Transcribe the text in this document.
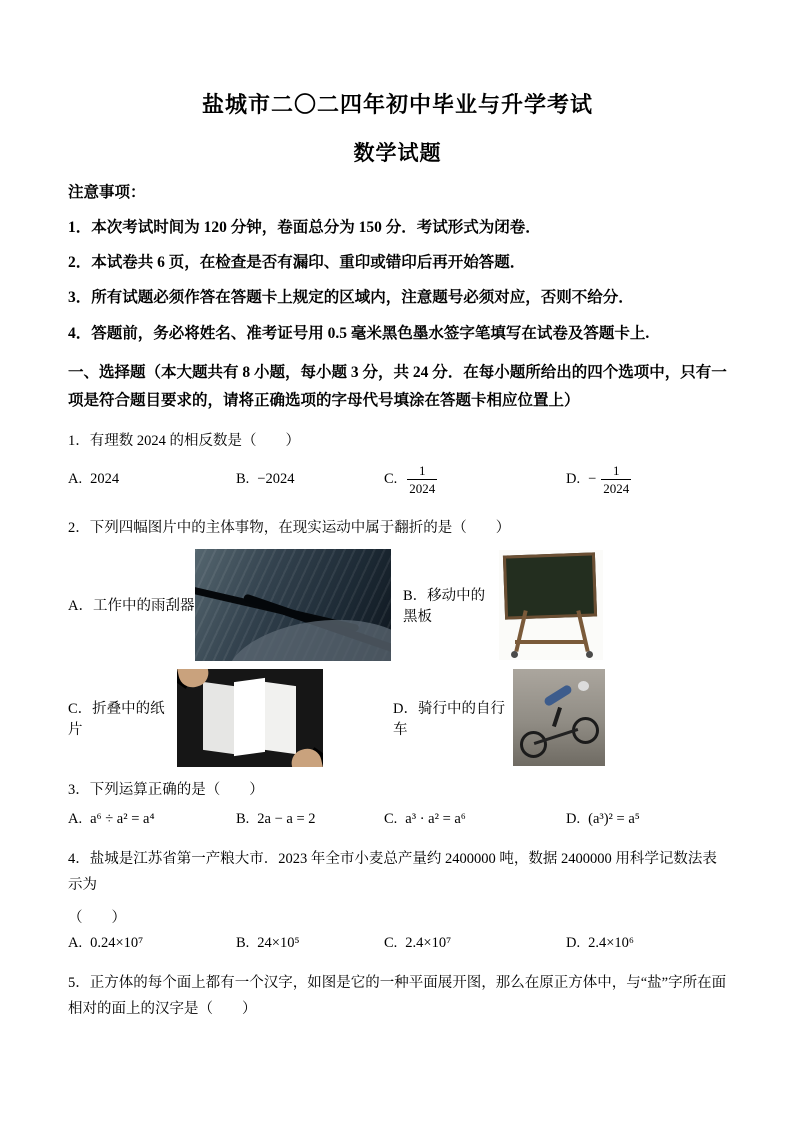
盐城市二〇二四年初中毕业与升学考试
数学试题

注意事项：

1．本次考试时间为 120 分钟，卷面总分为 150 分．考试形式为闭卷．

2．本试卷共 6 页，在检查是否有漏印、重印或错印后再开始答题．

3．所有试题必须作答在答题卡上规定的区域内，注意题号必须对应，否则不给分．

4．答题前，务必将姓名、准考证号用 0.5 毫米黑色墨水签字笔填写在试卷及答题卡上.

一、选择题（本大题共有 8 小题，每小题 3 分，共 24 分．在每小题所给出的四个选项中，只有一项是符合题目要求的，请将正确选项的字母代号填涂在答题卡相应位置上）

1．有理数 2024 的相反数是（　　）

A. 2024	B. −2024	C. $\frac{1}{2024}$	D. − $\frac{1}{2024}$

2．下列四幅图片中的主体事物，在现实运动中属于翻折的是（　　）

A．工作中的雨刮器
B．移动中的黑板
C．折叠中的纸片
D．骑行中的自行车

3．下列运算正确的是（　　）

A. a⁶ ÷ a² = a⁴	B. 2a − a = 2	C. a³ · a² = a⁶	D. (a³)² = a⁵

4．盐城是江苏省第一产粮大市．2023 年全市小麦总产量约 2400000 吨，数据 2400000 用科学记数法表示为

（　　）

A. 0.24×10⁷	B. 24×10⁵	C. 2.4×10⁷	D. 2.4×10⁶

5．正方体的每个面上都有一个汉字，如图是它的一种平面展开图，那么在原正方体中，与“盐”字所在面相对的面上的汉字是（　　）
